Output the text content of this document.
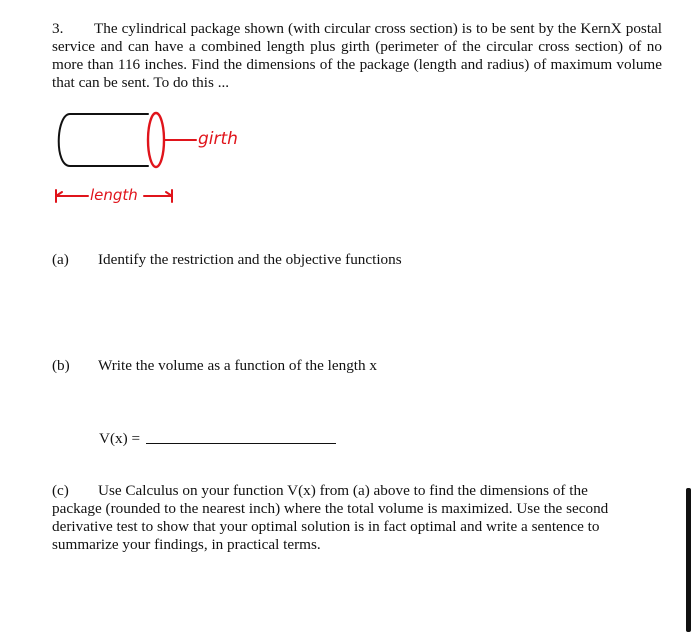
3. The cylindrical package shown (with circular cross section) is to be sent by the KernX postal service and can have a combined length plus girth (perimeter of the circular cross section) of no more than 116 inches. Find the dimensions of the package (length and radius) of maximum volume that can be sent. To do this ...
girth
length
(a) Identify the restriction and the objective functions
(b) Write the volume as a function of the length x
V(x) =
(c) Use Calculus on your function V(x) from (a) above to find the dimensions of the package (rounded to the nearest inch) where the total volume is maximized. Use the second derivative test to show that your optimal solution is in fact optimal and write a sentence to summarize your findings, in practical terms.
